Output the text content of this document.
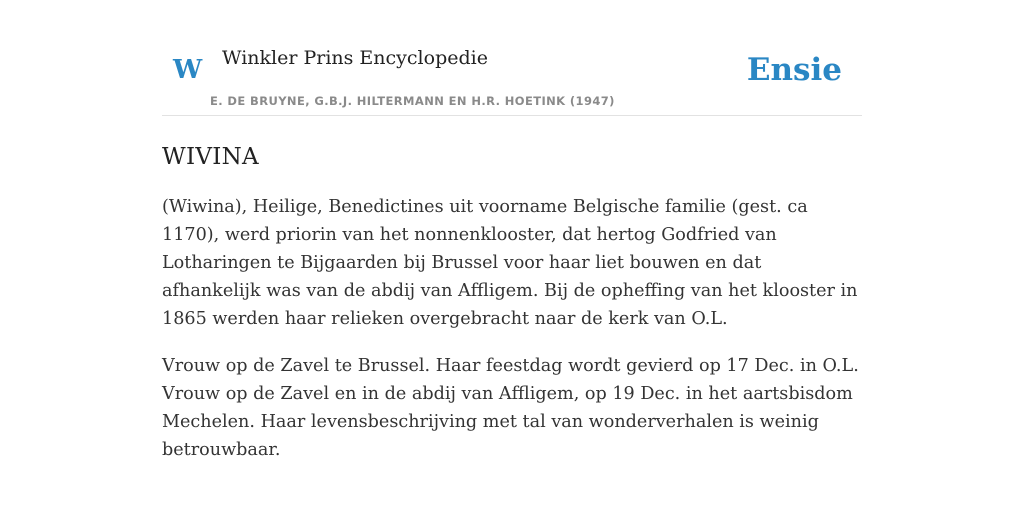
W Winkler Prins Encyclopedie
E. DE BRUYNE, G.B.J. HILTERMANN EN H.R. HOETINK (1947)
Ensie
WIVINA

(Wiwina), Heilige, Benedictines uit voorname Belgische familie (gest. ca 1170), werd priorin van het nonnenklooster, dat hertog Godfried van Lotharingen te Bijgaarden bij Brussel voor haar liet bouwen en dat afhankelijk was van de abdij van Affligem. Bij de opheffing van het klooster in 1865 werden haar relieken overgebracht naar de kerk van O.L.

Vrouw op de Zavel te Brussel. Haar feestdag wordt gevierd op 17 Dec. in O.L. Vrouw op de Zavel en in de abdij van Affligem, op 19 Dec. in het aartsbisdom Mechelen. Haar levensbeschrijving met tal van wonderverhalen is weinig betrouwbaar.
